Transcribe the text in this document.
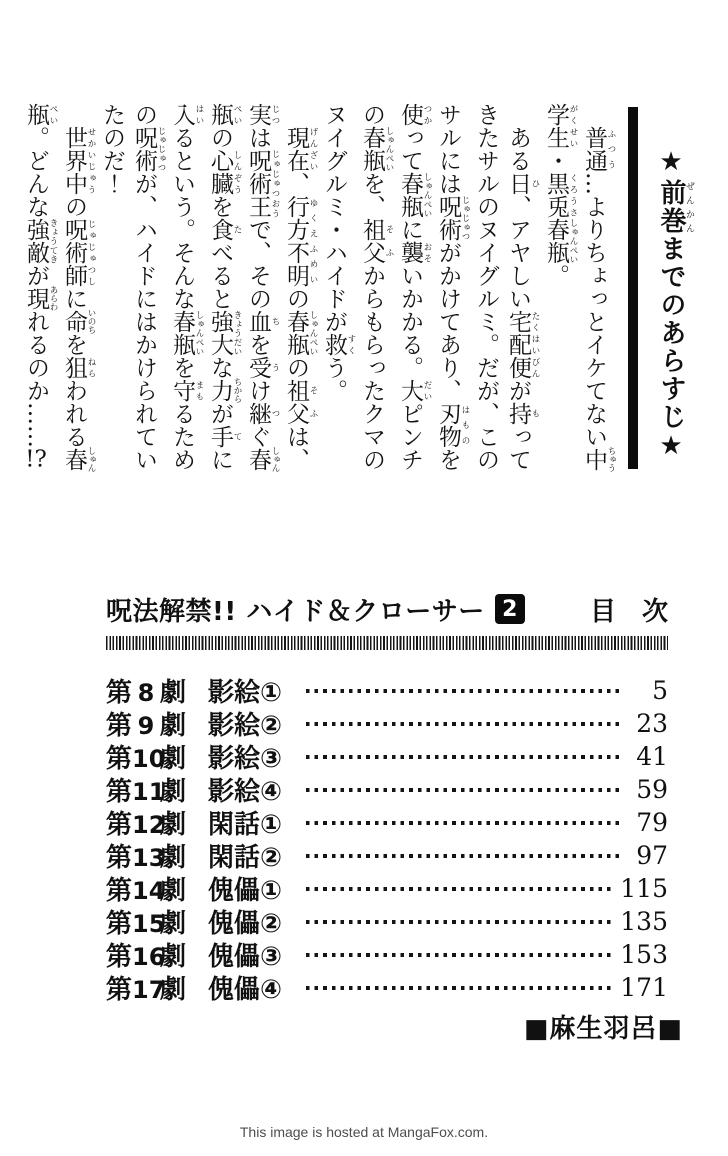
★前巻ぜんかんまでのあらすじ★
普通 ふつう…よりちょっとイケてない中 ちゅう
学生 がくせい・黒兎 くろうさ春瓶 しゅんぺい。
ある日 ひ、アヤしい宅配便 たくはいびんが持 もって
きたサルのヌイグルミ。だが、この
サルには呪術 じゅじゅつがかけてあり、刃物 はものを
使 つかって春瓶 しゅんぺいに襲 おそいかかる。大 だいピンチ
の春瓶 しゅんぺいを、祖父 そふからもらったクマの
ヌイグルミ・ハイドが救 すくう。
現在 げんざい、行方不明 ゆくえふめいの春瓶 しゅんぺいの祖父 そふは、
実 じつは呪術王 じゅじゅつおうで、その血 ちを受 うけ継 つぐ春 しゅん
瓶 ぺいの心臓 しんぞうを食 たべると強大 きょうだいな力 ちからが手 てに
入 はいるという。そんな春瓶 しゅんぺいを守 まもるため
の呪術 じゅじゅつが、ハイドにはかけられてい
たのだ！
世界中 せかいじゅうの呪術師 じゅじゅつしに命 いのちを狙 ねらわれる春 しゅん
瓶 ぺい。どんな強敵 きょうてきが現 あらわれるのか……!?
呪法解禁!! ハイド＆クローサー 2	目　次
第 8 劇 影絵①	5
第 9 劇 影絵②	23
第10劇 影絵③	41
第11劇 影絵④	59
第12劇 閑話①	79
第13劇 閑話②	97
第14劇 傀儡①	115
第15劇 傀儡②	135
第16劇 傀儡③	153
第17劇 傀儡④	171
■麻生羽呂■
This image is hosted at MangaFox.com.
